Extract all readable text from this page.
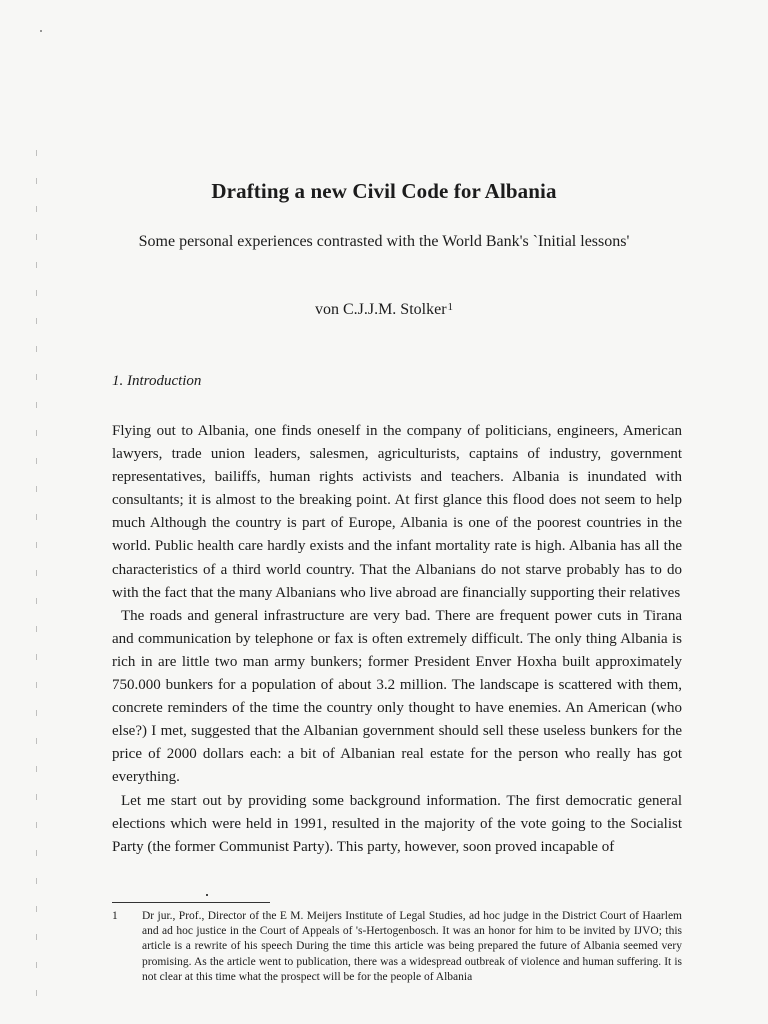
Drafting a new Civil Code for Albania
Some personal experiences contrasted with the World Bank's `Initial lessons'
von C.J.J.M. Stolker$^1$
1. Introduction

Flying out to Albania, one finds oneself in the company of politicians, engineers, American lawyers, trade union leaders, salesmen, agriculturists, captains of industry, government representatives, bailiffs, human rights activists and teachers. Albania is inundated with consultants; it is almost to the breaking point. At first glance this flood does not seem to help much Although the country is part of Europe, Albania is one of the poorest countries in the world. Public health care hardly exists and the infant mortality rate is high. Albania has all the characteristics of a third world country. That the Albanians do not starve probably has to do with the fact that the many Albanians who live abroad are financially supporting their relatives

The roads and general infrastructure are very bad. There are frequent power cuts in Tirana and communication by telephone or fax is often extremely difficult. The only thing Albania is rich in are little two man army bunkers; former President Enver Hoxha built approximately 750.000 bunkers for a population of about 3.2 million. The landscape is scattered with them, concrete reminders of the time the country only thought to have enemies. An American (who else?) I met, suggested that the Albanian government should sell these useless bunkers for the price of 2000 dollars each: a bit of Albanian real estate for the person who really has got everything.

Let me start out by providing some background information. The first democratic general elections which were held in 1991, resulted in the majority of the vote going to the Socialist Party (the former Communist Party). This party, however, soon proved incapable of

1 Dr jur., Prof., Director of the E M. Meijers Institute of Legal Studies, ad hoc judge in the District Court of Haarlem and ad hoc justice in the Court of Appeals of 's-Hertogenbosch. It was an honor for him to be invited by IJVO; this article is a rewrite of his speech During the time this article was being prepared the future of Albania seemed very promising. As the article went to publication, there was a widespread outbreak of violence and human suffering. It is not clear at this time what the prospect will be for the people of Albania
